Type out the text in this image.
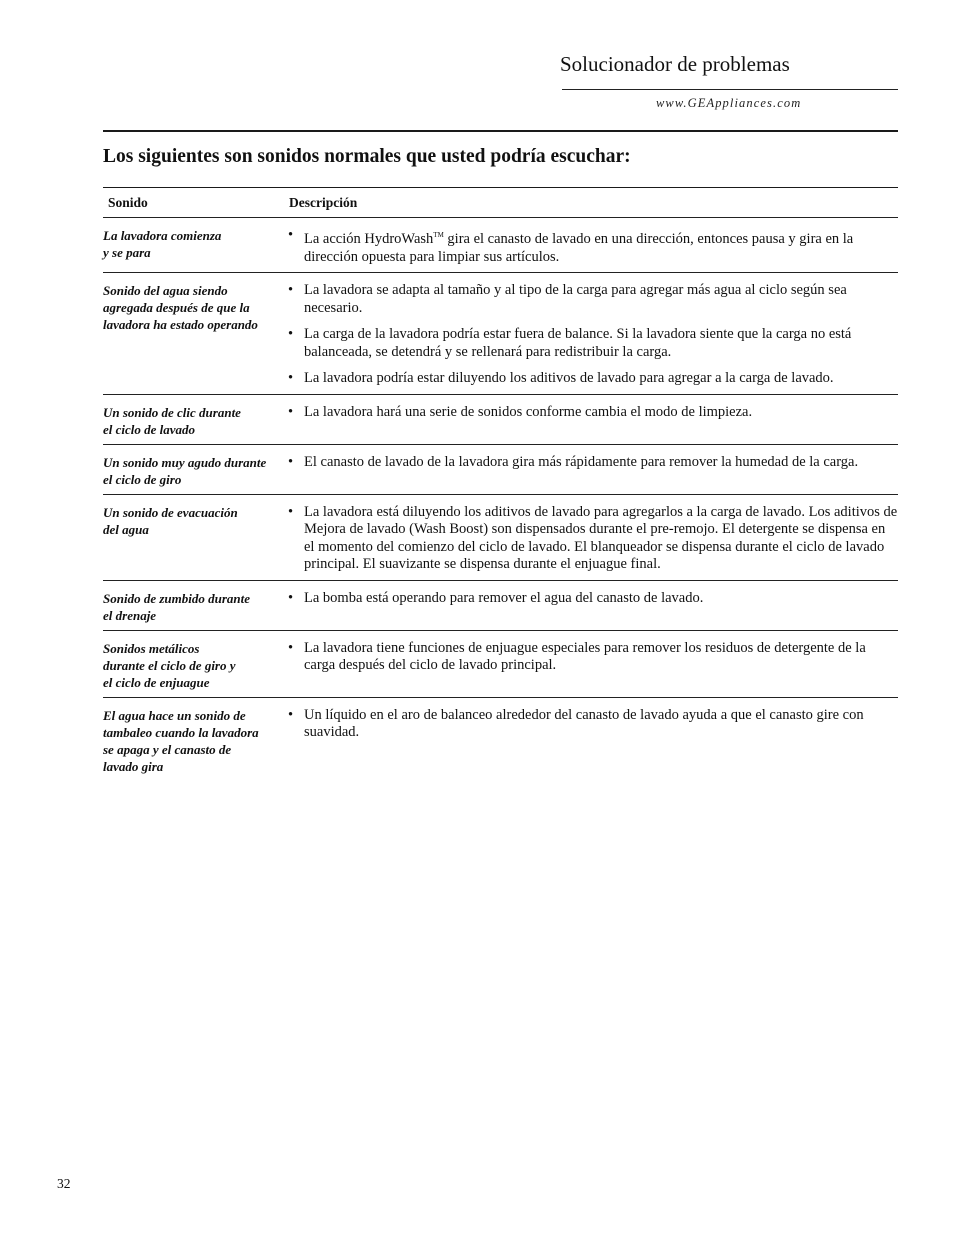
Solucionador de problemas
www.GEAppliances.com
Los siguientes son sonidos normales que usted podría escuchar:
Sonido	Descripción
La lavadora comienza
y se para
• La acción HydroWash™ gira el canasto de lavado en una dirección, entonces pausa y gira en la dirección opuesta para limpiar sus artículos.
Sonido del agua siendo
agregada después de que la
lavadora ha estado operando
• La lavadora se adapta al tamaño y al tipo de la carga para agregar más agua al ciclo según sea necesario.
• La carga de la lavadora podría estar fuera de balance. Si la lavadora siente que la carga no está balanceada, se detendrá y se rellenará para redistribuir la carga.
• La lavadora podría estar diluyendo los aditivos de lavado para agregar a la carga de lavado.
Un sonido de clic durante
el ciclo de lavado
• La lavadora hará una serie de sonidos conforme cambia el modo de limpieza.
Un sonido muy agudo durante
el ciclo de giro
• El canasto de lavado de la lavadora gira más rápidamente para remover la humedad de la carga.
Un sonido de evacuación
del agua
• La lavadora está diluyendo los aditivos de lavado para agregarlos a la carga de lavado. Los aditivos de Mejora de lavado (Wash Boost) son dispensados durante el pre-remojo. El detergente se dispensa en el momento del comienzo del ciclo de lavado. El blanqueador se dispensa durante el ciclo de lavado principal. El suavizante se dispensa durante el enjuague final.
Sonido de zumbido durante
el drenaje
• La bomba está operando para remover el agua del canasto de lavado.
Sonidos metálicos
durante el ciclo de giro y
el ciclo de enjuague
• La lavadora tiene funciones de enjuague especiales para remover los residuos de detergente de la carga después del ciclo de lavado principal.
El agua hace un sonido de
tambaleo cuando la lavadora
se apaga y el canasto de
lavado gira
• Un líquido en el aro de balanceo alrededor del canasto de lavado ayuda a que el canasto gire con suavidad.
32
